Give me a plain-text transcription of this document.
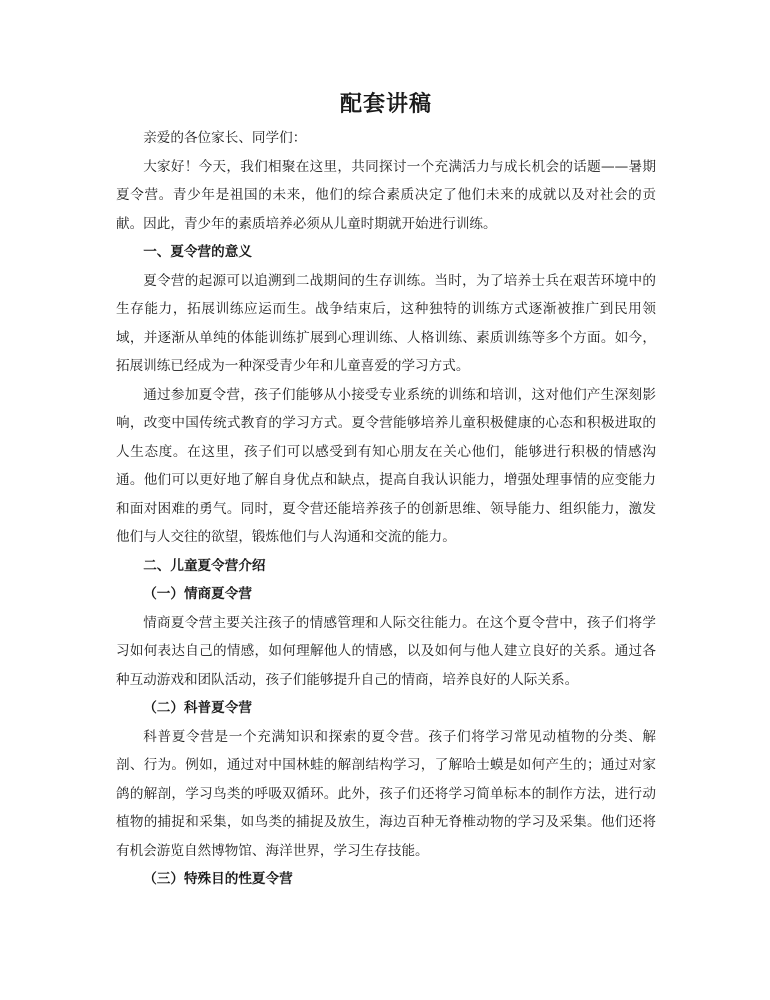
配套讲稿

亲爱的各位家长、同学们：

大家好！今天，我们相聚在这里，共同探讨一个充满活力与成长机会的话题——暑期夏令营。青少年是祖国的未来，他们的综合素质决定了他们未来的成就以及对社会的贡献。因此，青少年的素质培养必须从儿童时期就开始进行训练。

一、夏令营的意义

夏令营的起源可以追溯到二战期间的生存训练。当时，为了培养士兵在艰苦环境中的生存能力，拓展训练应运而生。战争结束后，这种独特的训练方式逐渐被推广到民用领域，并逐渐从单纯的体能训练扩展到心理训练、人格训练、素质训练等多个方面。如今，拓展训练已经成为一种深受青少年和儿童喜爱的学习方式。

通过参加夏令营，孩子们能够从小接受专业系统的训练和培训，这对他们产生深刻影响，改变中国传统式教育的学习方式。夏令营能够培养儿童积极健康的心态和积极进取的人生态度。在这里，孩子们可以感受到有知心朋友在关心他们，能够进行积极的情感沟通。他们可以更好地了解自身优点和缺点，提高自我认识能力，增强处理事情的应变能力和面对困难的勇气。同时，夏令营还能培养孩子的创新思维、领导能力、组织能力，激发他们与人交往的欲望，锻炼他们与人沟通和交流的能力。

二、儿童夏令营介绍

（一）情商夏令营

情商夏令营主要关注孩子的情感管理和人际交往能力。在这个夏令营中，孩子们将学习如何表达自己的情感，如何理解他人的情感，以及如何与他人建立良好的关系。通过各种互动游戏和团队活动，孩子们能够提升自己的情商，培养良好的人际关系。

（二）科普夏令营

科普夏令营是一个充满知识和探索的夏令营。孩子们将学习常见动植物的分类、解剖、行为。例如，通过对中国林蛙的解剖结构学习，了解哈士蟆是如何产生的；通过对家鸽的解剖，学习鸟类的呼吸双循环。此外，孩子们还将学习简单标本的制作方法，进行动植物的捕捉和采集，如鸟类的捕捉及放生，海边百种无脊椎动物的学习及采集。他们还将有机会游览自然博物馆、海洋世界，学习生存技能。

（三）特殊目的性夏令营
